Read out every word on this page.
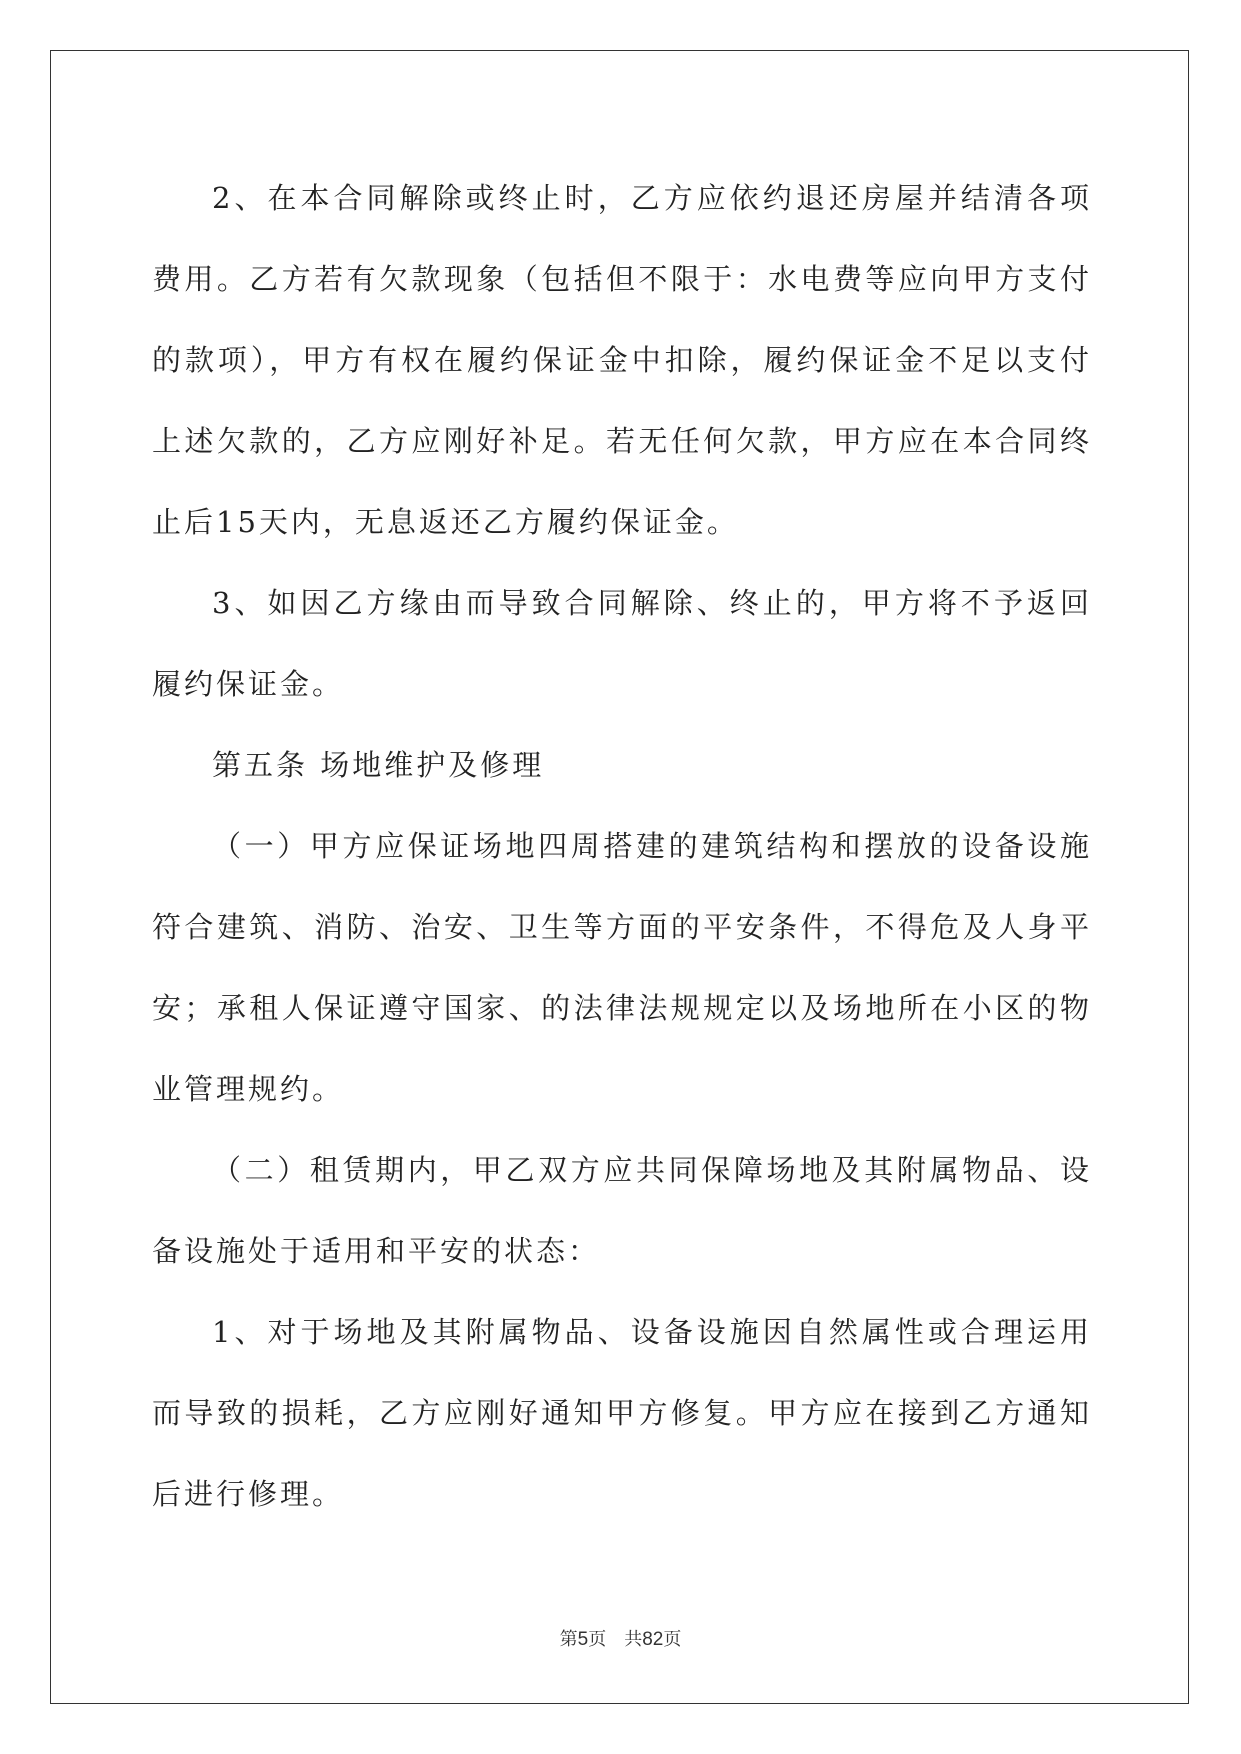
2、在本合同解除或终止时，乙方应依约退还房屋并结清各项费用。乙方若有欠款现象（包括但不限于：水电费等应向甲方支付的款项），甲方有权在履约保证金中扣除，履约保证金不足以支付上述欠款的，乙方应刚好补足。若无任何欠款，甲方应在本合同终止后15天内，无息返还乙方履约保证金。

3、如因乙方缘由而导致合同解除、终止的，甲方将不予返回履约保证金。

第五条 场地维护及修理

（一）甲方应保证场地四周搭建的建筑结构和摆放的设备设施符合建筑、消防、治安、卫生等方面的平安条件，不得危及人身平安；承租人保证遵守国家、的法律法规规定以及场地所在小区的物业管理规约。

（二）租赁期内，甲乙双方应共同保障场地及其附属物品、设备设施处于适用和平安的状态：

1、对于场地及其附属物品、设备设施因自然属性或合理运用而导致的损耗，乙方应刚好通知甲方修复。甲方应在接到乙方通知后进行修理。

第5页 共82页
